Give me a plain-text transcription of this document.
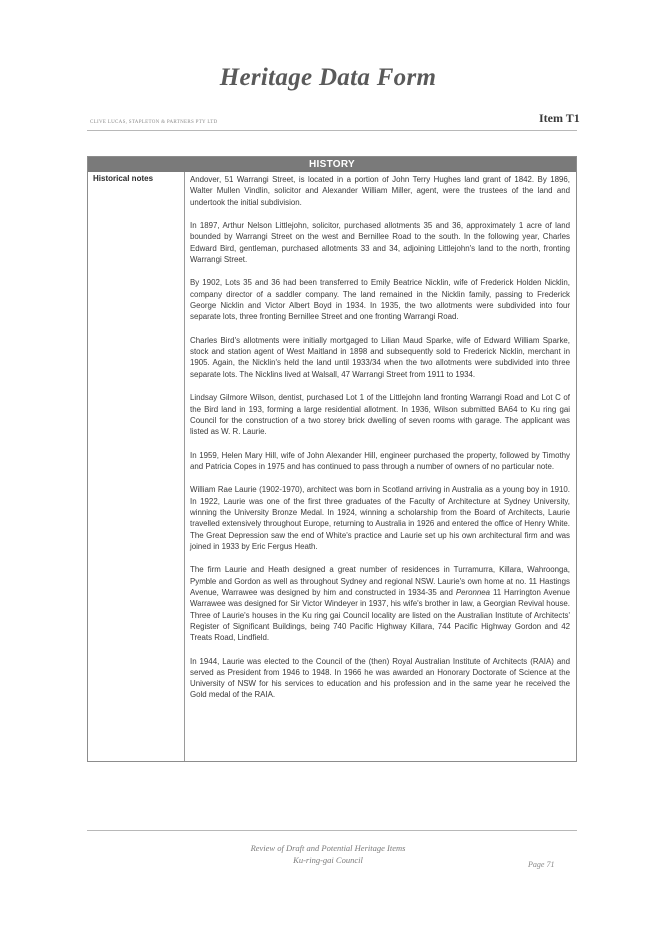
Heritage Data Form
CLIVE LUCAS, STAPLETON & PARTNERS PTY LTD	Item T1
HISTORY
Historical notes	Andover, 51 Warrangi Street, is located in a portion of John Terry Hughes land grant of 1842. By 1896, Walter Mullen Vindlin, solicitor and Alexander William Miller, agent, were the trustees of the land and undertook the initial subdivision.

In 1897, Arthur Nelson Littlejohn, solicitor, purchased allotments 35 and 36, approximately 1 acre of land bounded by Warrangi Street on the west and Bernillee Road to the south. In the following year, Charles Edward Bird, gentleman, purchased allotments 33 and 34, adjoining Littlejohn's land to the north, fronting Warrangi Street.

By 1902, Lots 35 and 36 had been transferred to Emily Beatrice Nicklin, wife of Frederick Holden Nicklin, company director of a saddler company. The land remained in the Nicklin family, passing to Frederick George Nicklin and Victor Albert Boyd in 1934. In 1935, the two allotments were subdivided into four separate lots, three fronting Bernillee Street and one fronting Warrangi Road.

Charles Bird's allotments were initially mortgaged to Lilian Maud Sparke, wife of Edward William Sparke, stock and station agent of West Maitland in 1898 and subsequently sold to Frederick Nicklin, merchant in 1905. Again, the Nicklin's held the land until 1933/34 when the two allotments were subdivided into three separate lots. The Nicklins lived at Walsall, 47 Warrangi Street from 1911 to 1934.

Lindsay Gilmore Wilson, dentist, purchased Lot 1 of the Littlejohn land fronting Warrangi Road and Lot C of the Bird land in 193, forming a large residential allotment. In 1936, Wilson submitted BA64 to Ku ring gai Council for the construction of a two storey brick dwelling of seven rooms with garage. The applicant was listed as W. R. Laurie.

In 1959, Helen Mary Hill, wife of John Alexander Hill, engineer purchased the property, followed by Timothy and Patricia Copes in 1975 and has continued to pass through a number of owners of no particular note.

William Rae Laurie (1902-1970), architect was born in Scotland arriving in Australia as a young boy in 1910. In 1922, Laurie was one of the first three graduates of the Faculty of Architecture at Sydney University, winning the University Bronze Medal. In 1924, winning a scholarship from the Board of Architects, Laurie travelled extensively throughout Europe, returning to Australia in 1926 and entered the office of Henry White. The Great Depression saw the end of White's practice and Laurie set up his own architectural firm and was joined in 1933 by Eric Fergus Heath.

The firm Laurie and Heath designed a great number of residences in Turramurra, Killara, Wahroonga, Pymble and Gordon as well as throughout Sydney and regional NSW. Laurie's own home at no. 11 Hastings Avenue, Warrawee was designed by him and constructed in 1934-35 and Peronnea 11 Harrington Avenue Warrawee was designed for Sir Victor Windeyer in 1937, his wife's brother in law, a Georgian Revival house. Three of Laurie's houses in the Ku ring gai Council locality are listed on the Australian Institute of Architects' Register of Significant Buildings, being 740 Pacific Highway Killara, 744 Pacific Highway Gordon and 42 Treats Road, Lindfield.

In 1944, Laurie was elected to the Council of the (then) Royal Australian Institute of Architects (RAIA) and served as President from 1946 to 1948. In 1966 he was awarded an Honorary Doctorate of Science at the University of NSW for his services to education and his profession and in the same year he received the Gold medal of the RAIA.

Review of Draft and Potential Heritage Items
Ku-ring-gai Council	Page 71
